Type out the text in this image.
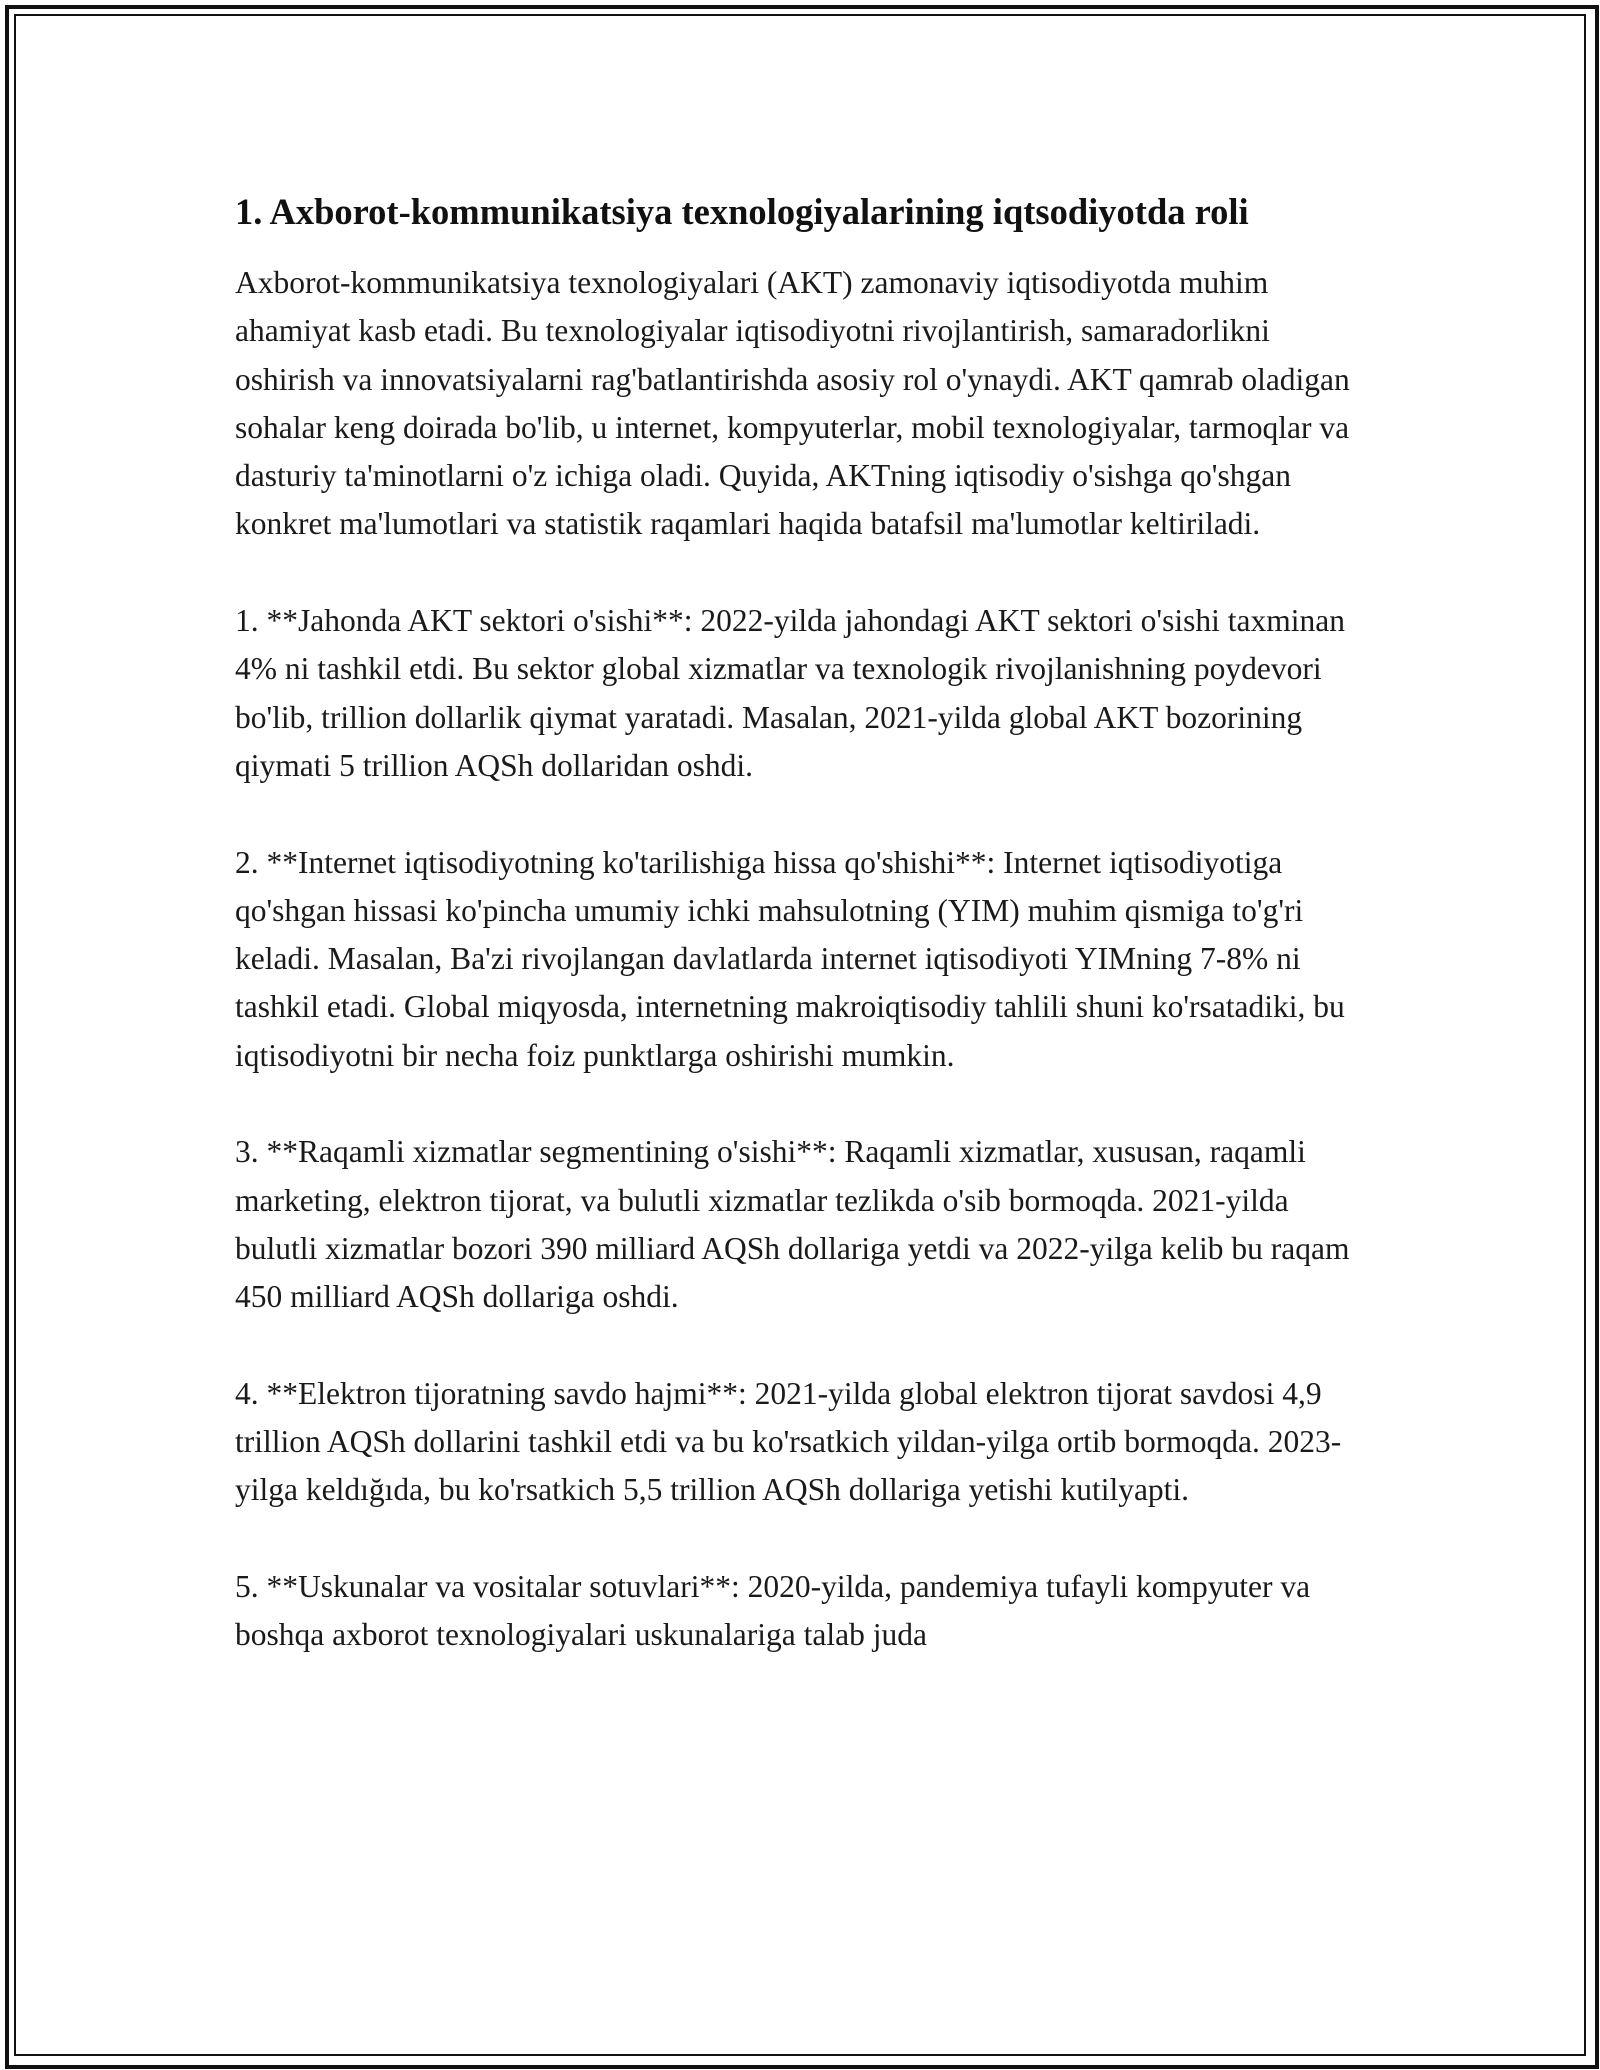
1. Axborot-kommunikatsiya texnologiyalarining iqtsodiyotda roli

Axborot-kommunikatsiya texnologiyalari (AKT) zamonaviy iqtisodiyotda muhim ahamiyat kasb etadi. Bu texnologiyalar iqtisodiyotni rivojlantirish, samaradorlikni oshirish va innovatsiyalarni rag'batlantirishda asosiy rol o'ynaydi. AKT qamrab oladigan sohalar keng doirada bo'lib, u internet, kompyuterlar, mobil texnologiyalar, tarmoqlar va dasturiy ta'minotlarni o'z ichiga oladi. Quyida, AKTning iqtisodiy o'sishga qo'shgan konkret ma'lumotlari va statistik raqamlari haqida batafsil ma'lumotlar keltiriladi.

1. **Jahonda AKT sektori o'sishi**: 2022-yilda jahondagi AKT sektori o'sishi taxminan 4% ni tashkil etdi. Bu sektor global xizmatlar va texnologik rivojlanishning poydevori bo'lib, trillion dollarlik qiymat yaratadi. Masalan, 2021-yilda global AKT bozorining qiymati 5 trillion AQSh dollaridan oshdi.

2. **Internet iqtisodiyotning ko'tarilishiga hissa qo'shishi**: Internet iqtisodiyotiga qo'shgan hissasi ko'pincha umumiy ichki mahsulotning (YIM) muhim qismiga to'g'ri keladi. Masalan, Ba'zi rivojlangan davlatlarda internet iqtisodiyoti YIMning 7-8% ni tashkil etadi. Global miqyosda, internetning makroiqtisodiy tahlili shuni ko'rsatadiki, bu iqtisodiyotni bir necha foiz punktlarga oshirishi mumkin.

3. **Raqamli xizmatlar segmentining o'sishi**: Raqamli xizmatlar, xususan, raqamli marketing, elektron tijorat, va bulutli xizmatlar tezlikda o'sib bormoqda. 2021-yilda bulutli xizmatlar bozori 390 milliard AQSh dollariga yetdi va 2022-yilga kelib bu raqam 450 milliard AQSh dollariga oshdi.

4. **Elektron tijoratning savdo hajmi**: 2021-yilda global elektron tijorat savdosi 4,9 trillion AQSh dollarini tashkil etdi va bu ko'rsatkich yildan-yilga ortib bormoqda. 2023-yilga keldığıda, bu ko'rsatkich 5,5 trillion AQSh dollariga yetishi kutilyapti.

5. **Uskunalar va vositalar sotuvlari**: 2020-yilda, pandemiya tufayli kompyuter va boshqa axborot texnologiyalari uskunalariga talab juda
